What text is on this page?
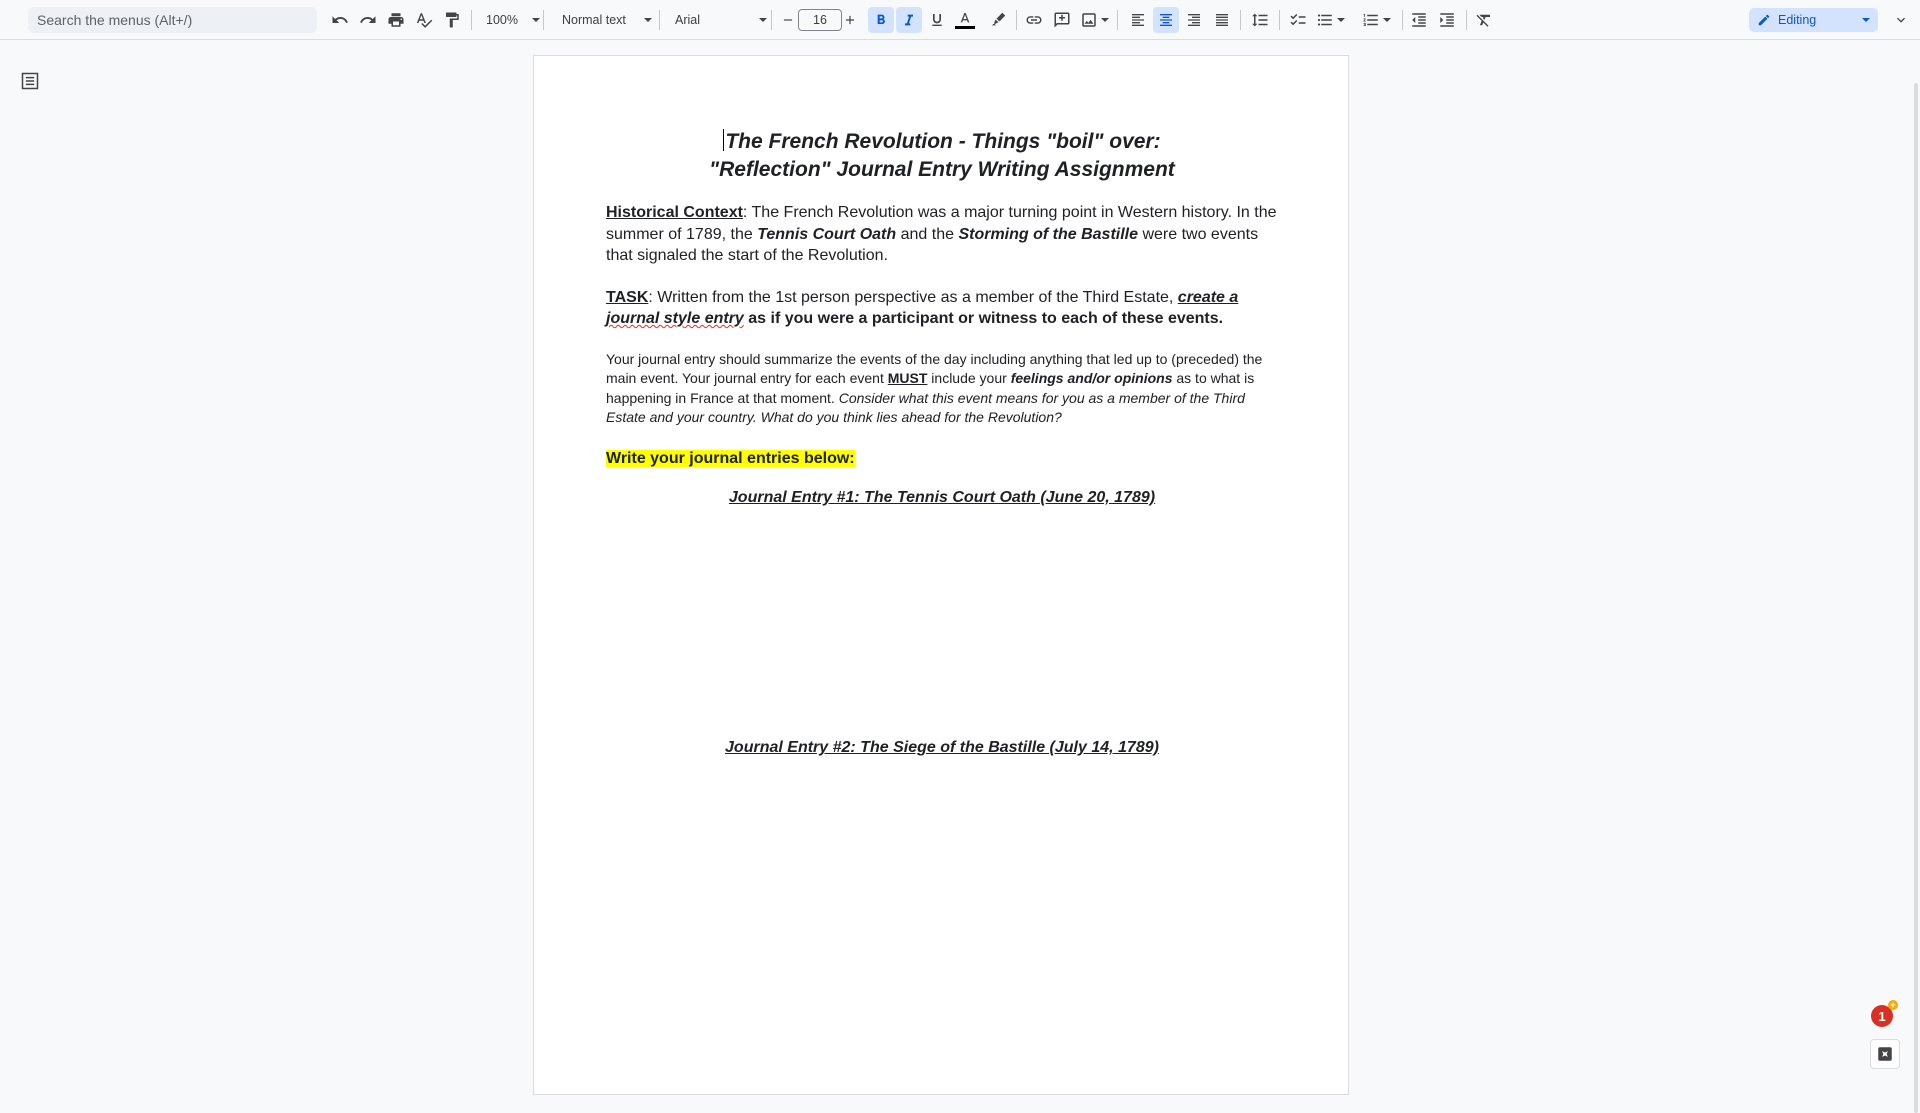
Search the menus (Alt+/)	100%	Normal text	Arial	16	Editing

The French Revolution - Things "boil" over:

"Reflection" Journal Entry Writing Assignment

Historical Context: The French Revolution was a major turning point in Western history. In the summer of 1789, the Tennis Court Oath and the Storming of the Bastille were two events that signaled the start of the Revolution.

TASK: Written from the 1st person perspective as a member of the Third Estate, create a journal style entry as if you were a participant or witness to each of these events.

Your journal entry should summarize the events of the day including anything that led up to (preceded) the main event. Your journal entry for each event MUST include your feelings and/or opinions as to what is happening in France at that moment. Consider what this event means for you as a member of the Third Estate and your country. What do you think lies ahead for the Revolution?

Write your journal entries below:

Journal Entry #1: The Tennis Court Oath (June 20, 1789)

Journal Entry #2: The Siege of the Bastille (July 14, 1789)

1
+
